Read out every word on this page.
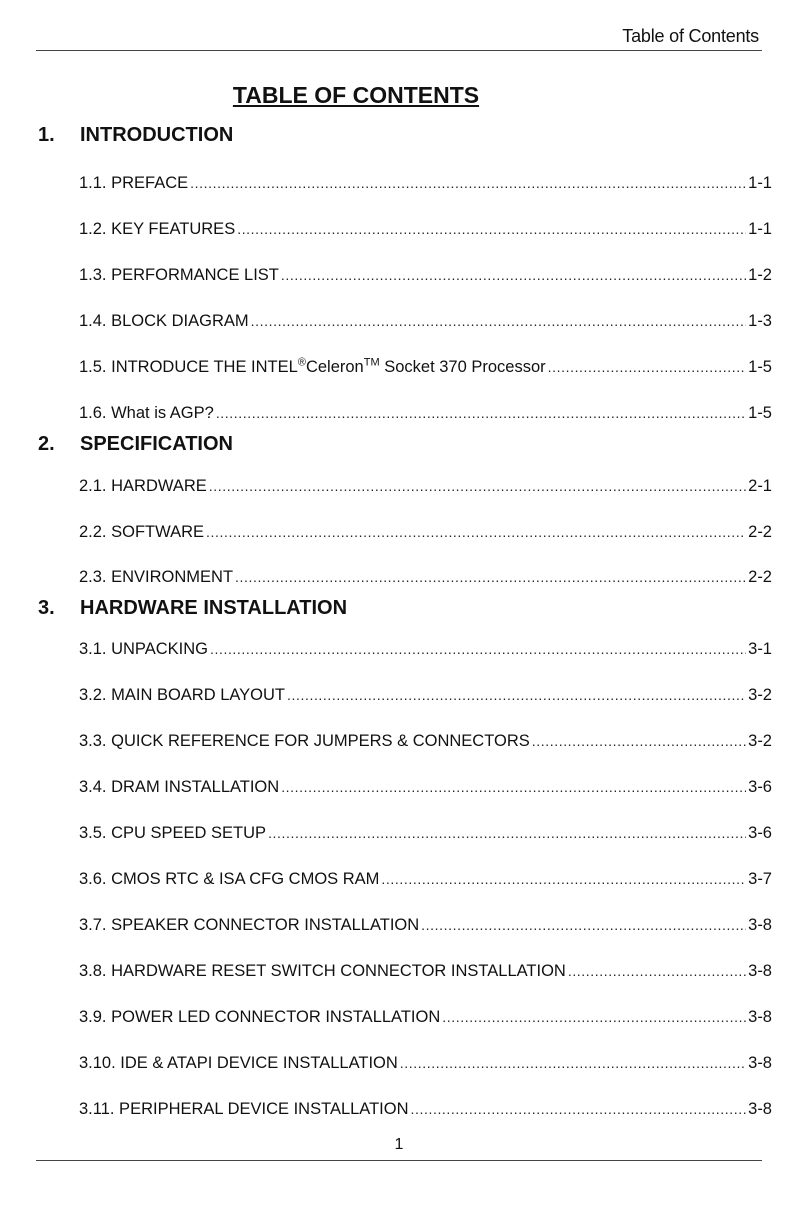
Table of Contents
TABLE OF CONTENTS
1. INTRODUCTION
1.1. PREFACE .....	1-1
1.2. KEY FEATURES .....	1-1
1.3. PERFORMANCE LIST .....	1-2
1.4. BLOCK DIAGRAM .....	1-3
1.5. INTRODUCE THE INTEL®Celeron™ Socket 370 Processor .....	1-5
1.6. What is AGP? .....	1-5
2. SPECIFICATION
2.1. HARDWARE .....	2-1
2.2. SOFTWARE .....	2-2
2.3. ENVIRONMENT .....	2-2
3. HARDWARE INSTALLATION
3.1. UNPACKING .....	3-1
3.2. MAIN BOARD LAYOUT .....	3-2
3.3. QUICK REFERENCE FOR JUMPERS & CONNECTORS .....	3-2
3.4. DRAM INSTALLATION .....	3-6
3.5. CPU SPEED SETUP .....	3-6
3.6. CMOS RTC & ISA CFG CMOS RAM .....	3-7
3.7. SPEAKER CONNECTOR INSTALLATION .....	3-8
3.8. HARDWARE RESET SWITCH CONNECTOR INSTALLATION .....	3-8
3.9. POWER LED CONNECTOR INSTALLATION .....	3-8
3.10. IDE & ATAPI DEVICE INSTALLATION .....	3-8
3.11. PERIPHERAL DEVICE INSTALLATION .....	3-8
1
